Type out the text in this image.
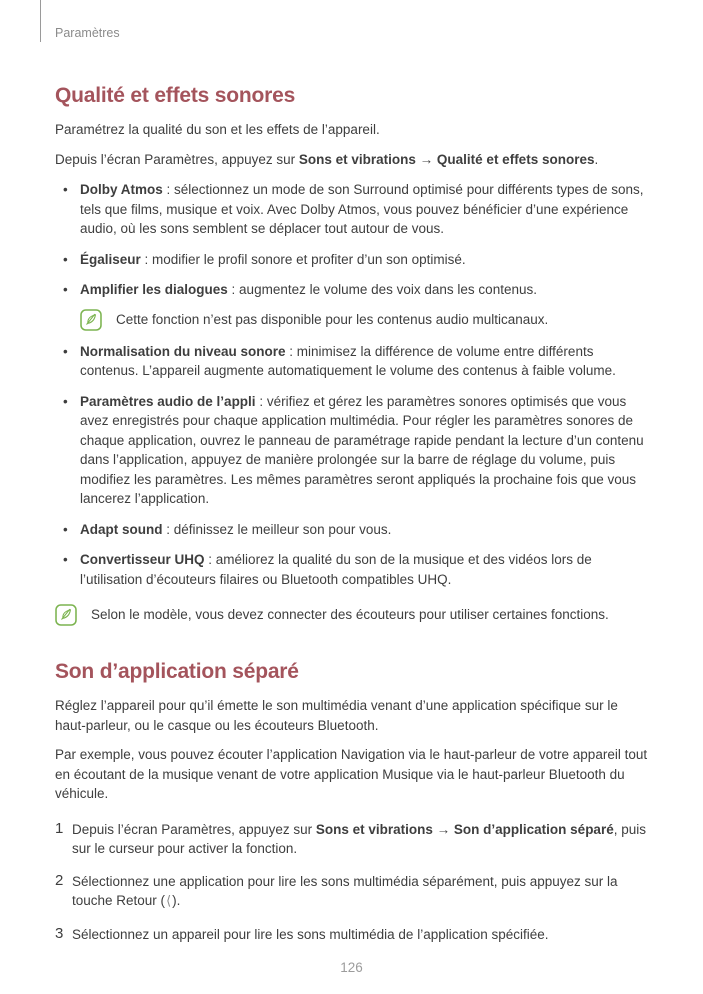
Paramètres
Qualité et effets sonores

Paramétrez la qualité du son et les effets de l’appareil.

Depuis l’écran Paramètres, appuyez sur Sons et vibrations → Qualité et effets sonores.

• Dolby Atmos : sélectionnez un mode de son Surround optimisé pour différents types de sons, tels que films, musique et voix. Avec Dolby Atmos, vous pouvez bénéficier d’une expérience audio, où les sons semblent se déplacer tout autour de vous.
• Égaliseur : modifier le profil sonore et profiter d’un son optimisé.
• Amplifier les dialogues : augmentez le volume des voix dans les contenus.
Cette fonction n’est pas disponible pour les contenus audio multicanaux.
• Normalisation du niveau sonore : minimisez la différence de volume entre différents contenus. L’appareil augmente automatiquement le volume des contenus à faible volume.
• Paramètres audio de l’appli : vérifiez et gérez les paramètres sonores optimisés que vous avez enregistrés pour chaque application multimédia. Pour régler les paramètres sonores de chaque application, ouvrez le panneau de paramétrage rapide pendant la lecture d’un contenu dans l’application, appuyez de manière prolongée sur la barre de réglage du volume, puis modifiez les paramètres. Les mêmes paramètres seront appliqués la prochaine fois que vous lancerez l’application.
• Adapt sound : définissez le meilleur son pour vous.
• Convertisseur UHQ : améliorez la qualité du son de la musique et des vidéos lors de l’utilisation d’écouteurs filaires ou Bluetooth compatibles UHQ.
Selon le modèle, vous devez connecter des écouteurs pour utiliser certaines fonctions.
Son d’application séparé

Réglez l’appareil pour qu’il émette le son multimédia venant d’une application spécifique sur le haut-parleur, ou le casque ou les écouteurs Bluetooth.

Par exemple, vous pouvez écouter l’application Navigation via le haut-parleur de votre appareil tout en écoutant de la musique venant de votre application Musique via le haut-parleur Bluetooth du véhicule.

1 Depuis l’écran Paramètres, appuyez sur Sons et vibrations → Son d’application séparé, puis sur le curseur pour activer la fonction.
2 Sélectionnez une application pour lire les sons multimédia séparément, puis appuyez sur la touche Retour (⟨).
3 Sélectionnez un appareil pour lire les sons multimédia de l’application spécifiée.
126
